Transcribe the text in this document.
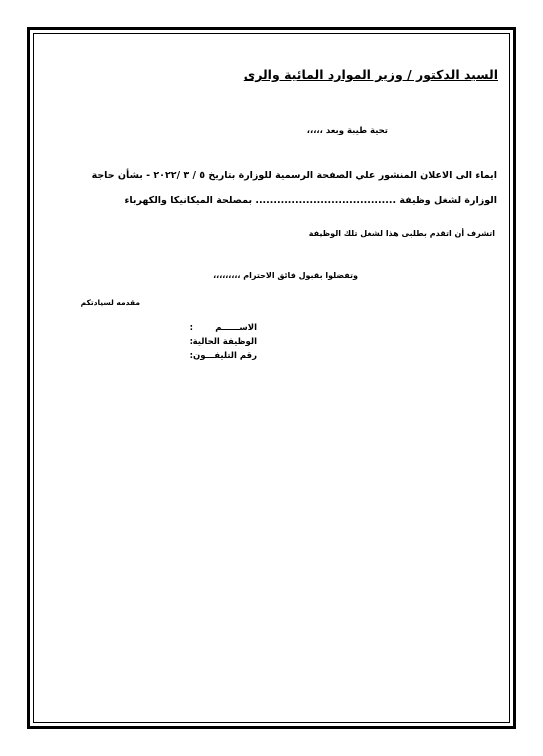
السيد الدكتور / وزير الموارد المائية والرى
تحية طيبة وبعد ،،،،،
ايماء الى الاعلان المنشور علي الصفحة الرسمية للوزارة بتاريخ ٥ / ٣ /٢٠٢٢ - بشأن حاجة
الوزارة لشغل وظيفة ....................................... بمصلحة الميكانيكا والكهرباء
اتشرف أن اتقدم بطلبى هذا لشغل تلك الوظيفة
وتفضلوا بقبول فائق الاحترام ،،،،،،،،،
مقدمه لسيادتكم
الاســــــم
:
الوظيفة الحالية
:
رقم التليفـــون
:
